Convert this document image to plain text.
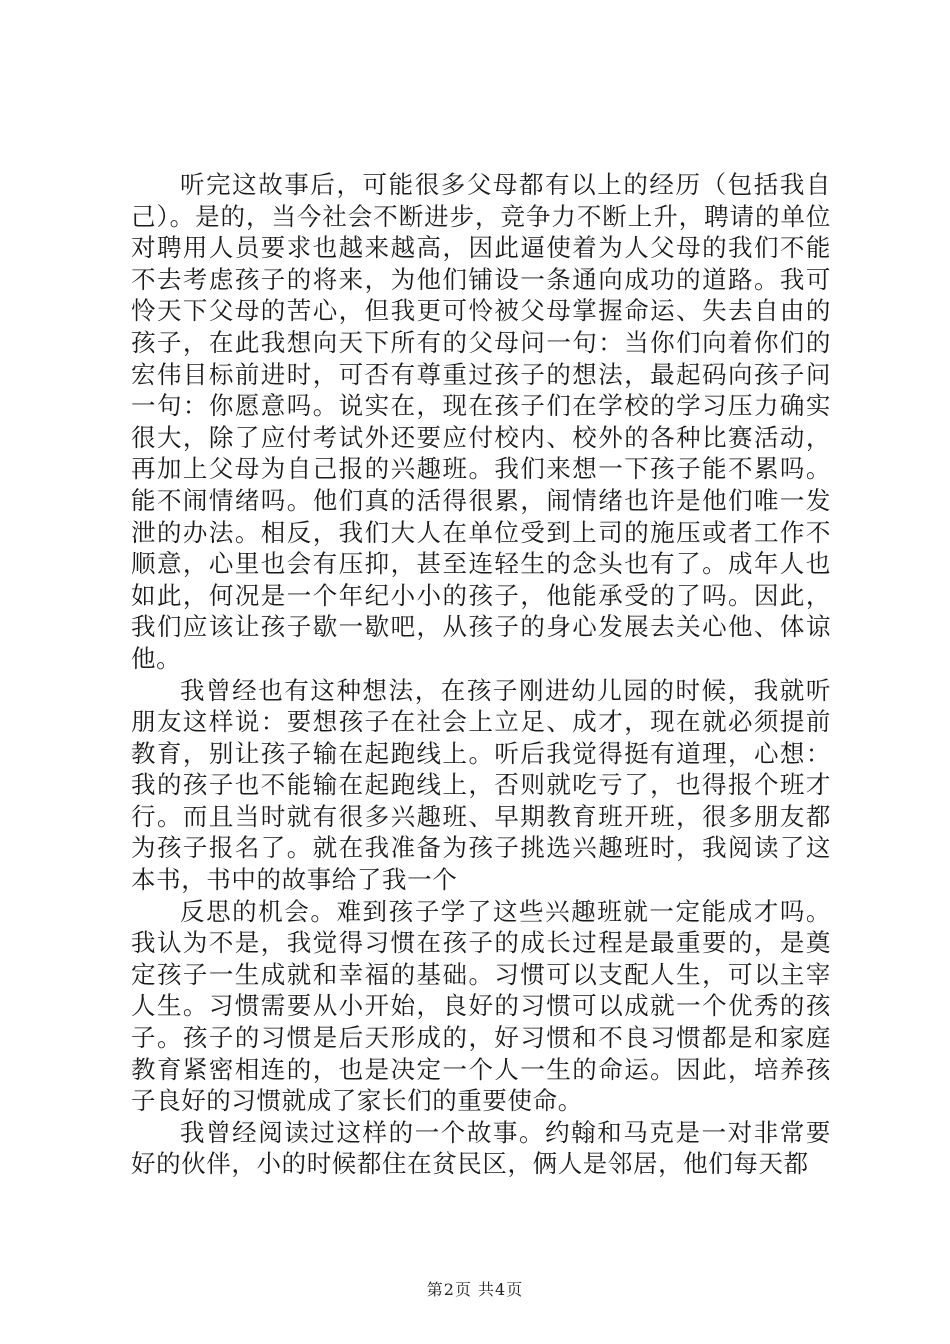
听完这故事后，可能很多父母都有以上的经历（包括我自己）。是的，当今社会不断进步，竞争力不断上升，聘请的单位对聘用人员要求也越来越高，因此逼使着为人父母的我们不能不去考虑孩子的将来，为他们铺设一条通向成功的道路。我可怜天下父母的苦心，但我更可怜被父母掌握命运、失去自由的孩子，在此我想向天下所有的父母问一句：当你们向着你们的宏伟目标前进时，可否有尊重过孩子的想法，最起码向孩子问一句：你愿意吗。说实在，现在孩子们在学校的学习压力确实很大，除了应付考试外还要应付校内、校外的各种比赛活动，再加上父母为自己报的兴趣班。我们来想一下孩子能不累吗。能不闹情绪吗。他们真的活得很累，闹情绪也许是他们唯一发泄的办法。相反，我们大人在单位受到上司的施压或者工作不顺意，心里也会有压抑，甚至连轻生的念头也有了。成年人也如此，何况是一个年纪小小的孩子，他能承受的了吗。因此，我们应该让孩子歇一歇吧，从孩子的身心发展去关心他、体谅他。

我曾经也有这种想法，在孩子刚进幼儿园的时候，我就听朋友这样说：要想孩子在社会上立足、成才，现在就必须提前教育，别让孩子输在起跑线上。听后我觉得挺有道理，心想：我的孩子也不能输在起跑线上，否则就吃亏了，也得报个班才行。而且当时就有很多兴趣班、早期教育班开班，很多朋友都为孩子报名了。就在我准备为孩子挑选兴趣班时，我阅读了这本书，书中的故事给了我一个

反思的机会。难到孩子学了这些兴趣班就一定能成才吗。我认为不是，我觉得习惯在孩子的成长过程是最重要的，是奠定孩子一生成就和幸福的基础。习惯可以支配人生，可以主宰人生。习惯需要从小开始，良好的习惯可以成就一个优秀的孩子。孩子的习惯是后天形成的，好习惯和不良习惯都是和家庭教育紧密相连的，也是决定一个人一生的命运。因此，培养孩子良好的习惯就成了家长们的重要使命。

我曾经阅读过这样的一个故事。约翰和马克是一对非常要好的伙伴，小的时候都住在贫民区，俩人是邻居，他们每天都

第2页 共4页
